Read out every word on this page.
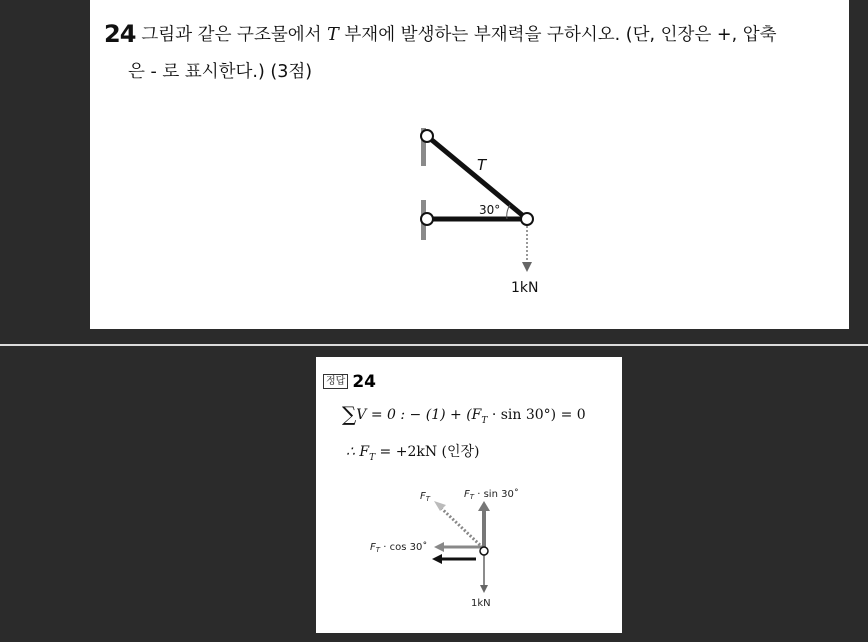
24 그림과 같은 구조물에서 T 부재에 발생하는 부재력을 구하시오. (단, 인장은 +, 압축
은 - 로 표시한다.) (3점)
T
30°
1kN
정답 24
∑V = 0 : − $(1) + (F_T \cdot \sin 30^\circ) = 0$
∴ $F_T = +2kN$ (인장)
$F_T$	$F_T \cdot \sin$ 30˚
$F_T \cdot \cos$ 30˚
1kN
